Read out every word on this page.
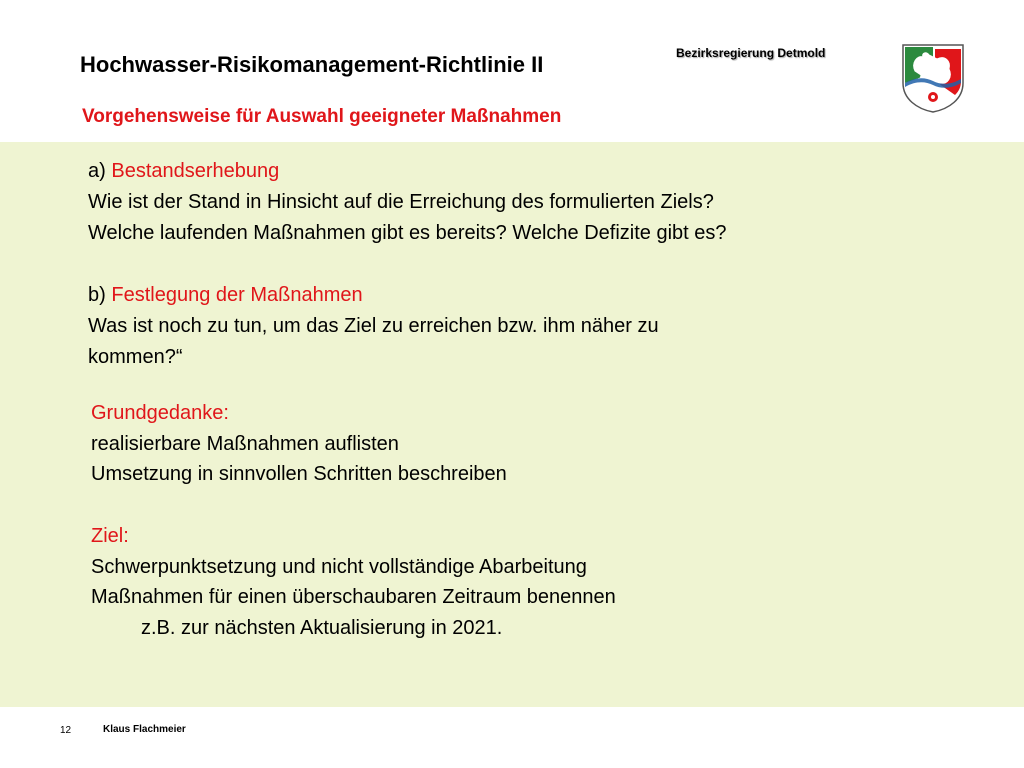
Hochwasser-Risikomanagement-Richtlinie II	Bezirksregierung Detmold
Vorgehensweise für Auswahl geeigneter Maßnahmen

a) Bestandserhebung

Wie ist der Stand in Hinsicht auf die Erreichung des formulierten Ziels?

Welche laufenden Maßnahmen gibt es bereits? Welche Defizite gibt es?

b) Festlegung der Maßnahmen

Was ist noch zu tun, um das Ziel zu erreichen bzw. ihm näher zu

kommen?“

Grundgedanke:

realisierbare Maßnahmen auflisten

Umsetzung in sinnvollen Schritten beschreiben

Ziel:

Schwerpunktsetzung und nicht vollständige Abarbeitung

Maßnahmen für einen überschaubaren Zeitraum benennen

z.B. zur nächsten Aktualisierung in 2021.

12	Klaus Flachmeier
